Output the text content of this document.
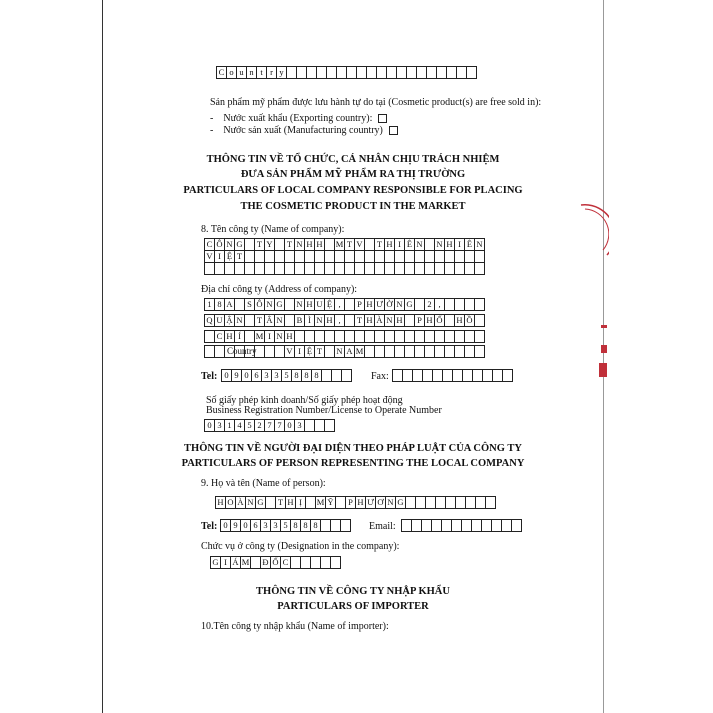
C o u n t r y
Sản phẩm mỹ phẩm được lưu hành tự do tại (Cosmetic product(s) are free sold in):
- Nước xuất khẩu (Exporting country):
- Nước sản xuất (Manufacturing country)
THÔNG TIN VỀ TỔ CHỨC, CÁ NHÂN CHỊU TRÁCH NHIỆM
ĐƯA SẢN PHẨM MỸ PHẨM RA THỊ TRƯỜNG
PARTICULARS OF LOCAL COMPANY RESPONSIBLE FOR PLACING
THE COSMETIC PRODUCT IN THE MARKET
8. Tên công ty (Name of company):
C Ô N G	T Y	T N H H M T V	T H I Ê N N H I Ê N
V I Ệ T
Địa chỉ công ty (Address of company):
1 8 A	S Ô N G N H U Ệ ,	P H Ư Ờ N G	2 ,
Q U Ậ N	T Â N	B Ì N H ,	T H À N H	P H Ố H Ồ
C H Í	M I N H
Country	V I Ệ T	N A M
Tel: 0 9 0 6 3 3 5 8 8 8	Fax:
Số giấy phép kinh doanh/Số giấy phép hoạt động
Business Registration Number/License to Operate Number
0 3 1 4 5 2 7 7 0 3
THÔNG TIN VỀ NGƯỜI ĐẠI DIỆN THEO PHÁP LUẬT CỦA CÔNG TY
PARTICULARS OF PERSON REPRESENTING THE LOCAL COMPANY
9. Họ và tên (Name of person):
H O À N G	T H Ị	M Ỹ	P H Ư Ơ N G
Tel: 0 9 0 6 3 3 5 8 8 8	Email:
Chức vụ ở công ty (Designation in the company):
G I Á M Đ Ố C
THÔNG TIN VỀ CÔNG TY NHẬP KHẨU
PARTICULARS OF IMPORTER
10.Tên công ty nhập khẩu (Name of importer):
